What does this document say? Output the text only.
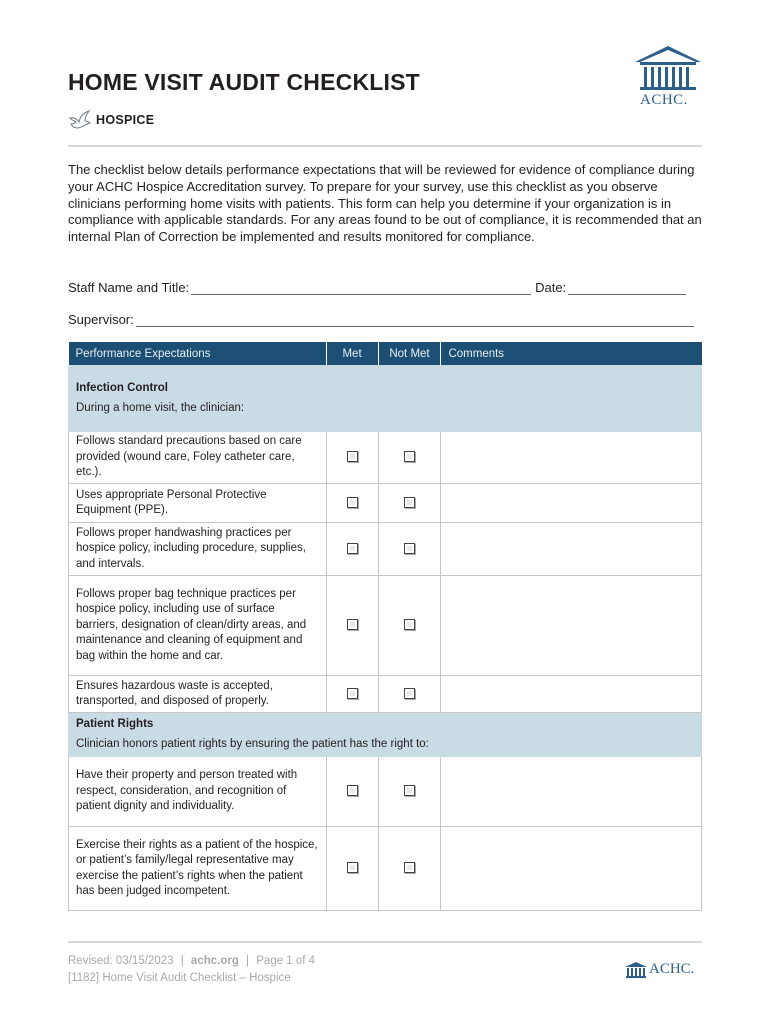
HOME VISIT AUDIT CHECKLIST
HOSPICE
ACHC.
The checklist below details performance expectations that will be reviewed for evidence of compliance during your ACHC Hospice Accreditation survey. To prepare for your survey, use this checklist as you observe clinicians performing home visits with patients. This form can help you determine if your organization is in compliance with applicable standards. For any areas found to be out of compliance, it is recommended that an internal Plan of Correction be implemented and results monitored for compliance.
Staff Name and Title:	Date:
Supervisor:
Performance Expectations	Met	Not Met	Comments

Infection Control
During a home visit, the clinician:			
Follows standard precautions based on care provided (wound care, Foley catheter care, etc.).			
Uses appropriate Personal Protective Equipment (PPE).			
Follows proper handwashing practices per hospice policy, including procedure, supplies, and intervals.			
Follows proper bag technique practices per hospice policy, including use of surface barriers, designation of clean/dirty areas, and maintenance and cleaning of equipment and bag within the home and car.			
Ensures hazardous waste is accepted, transported, and disposed of properly.			

Patient Rights
Clinician honors patient rights by ensuring the patient has the right to:			
Have their property and person treated with respect, consideration, and recognition of patient dignity and individuality.			
Exercise their rights as a patient of the hospice, or patient’s family/legal representative may exercise the patient’s rights when the patient has been judged incompetent.			
Revised: 03/15/2023 | achc.org | Page 1 of 4
[1182] Home Visit Audit Checklist – Hospice
ACHC.
